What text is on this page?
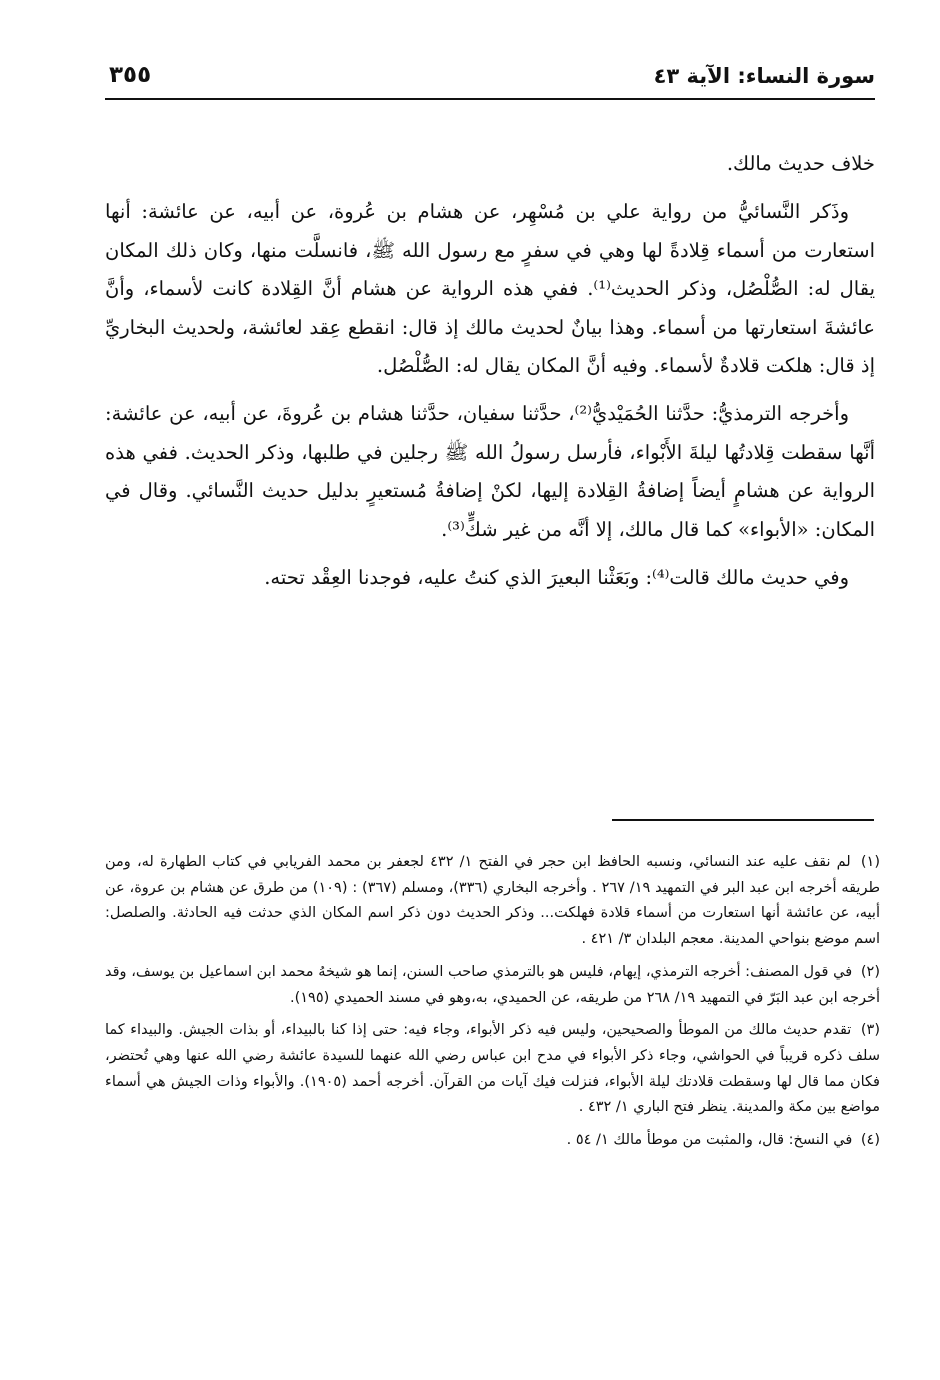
سورة النساء: الآية ٤٣
٣٥٥

خلاف حديث مالك.

وذَكر النَّسائيُّ من رواية علي بن مُسْهِر، عن هشام بن عُروة، عن أبيه، عن عائشة: أنها استعارت من أسماء قِلادةً لها وهي في سفرٍ مع رسول الله ﷺ، فانسلَّت منها، وكان ذلك المكان يقال له: الصُّلْصُل، وذكر الحديث⁽¹⁾. ففي هذه الرواية عن هشام أنَّ القِلادة كانت لأسماء، وأنَّ عائشةَ استعارتها من أسماء. وهذا بيانٌ لحديث مالك إذ قال: انقطع عِقد لعائشة، ولحديث البخاريِّ إذ قال: هلكت قلادةٌ لأسماء. وفيه أنَّ المكان يقال له: الصُّلْصُل.

وأخرجه الترمذيُّ: حدَّثنا الحُمَيْديُّ⁽²⁾، حدَّثنا سفيان، حدَّثنا هشام بن عُروةَ، عن أبيه، عن عائشة: أنَّها سقطت قِلادتُها ليلةَ الأَبْواء، فأرسل رسولُ الله ﷺ رجلين في طلبها، وذكر الحديث. ففي هذه الرواية عن هشامٍ أيضاً إضافةُ القِلادة إليها، لكنْ إضافةُ مُستعيرٍ بدليل حديث النَّسائي. وقال في المكان: «الأبواء» كما قال مالك، إلا أنَّه من غير شكٍّ⁽³⁾.

وفي حديث مالك قالت⁽⁴⁾: وبَعَثْنا البعيرَ الذي كنتُ عليه، فوجدنا العِقْد تحته.

(١) لم نقف عليه عند النسائي، ونسبه الحافظ ابن حجر في الفتح ١/ ٤٣٢ لجعفر بن محمد الفريابي في كتاب الطهارة له، ومن طريقه أخرجه ابن عبد البر في التمهيد ١٩/ ٢٦٧ . وأخرجه البخاري (٣٣٦)، ومسلم (٣٦٧) : (١٠٩) من طرق عن هشام بن عروة، عن أبيه، عن عائشة أنها استعارت من أسماء قلادة فهلكت... وذكر الحديث دون ذكر اسم المكان الذي حدثت فيه الحادثة. والصلصل: اسم موضع بنواحي المدينة. معجم البلدان ٣/ ٤٢١ .
(٢) في قول المصنف: أخرجه الترمذي، إيهام، فليس هو بالترمذي صاحب السنن، إنما هو شيخهُ محمد ابن اسماعيل بن يوسف، وقد أخرجه ابن عبد البَرّ في التمهيد ١٩/ ٢٦٨ من طريقه، عن الحميدي، به،وهو في مسند الحميدي (١٩٥).
(٣) تقدم حديث مالك من الموطأ والصحيحين، وليس فيه ذكر الأبواء، وجاء فيه: حتى إذا كنا بالبيداء، أو بذات الجيش. والبيداء كما سلف ذكره قريباً في الحواشي، وجاء ذكر الأبواء في مدح ابن عباس رضي الله عنهما للسيدة عائشة رضي الله عنها وهي تُحتضر، فكان مما قال لها وسقطت قلادتك ليلة الأبواء، فنزلت فيك آيات من القرآن. أخرجه أحمد (١٩٠٥). والأبواء وذات الجيش هي أسماء مواضع بين مكة والمدينة. ينظر فتح الباري ١/ ٤٣٢ .
(٤) في النسخ: قال، والمثبت من موطأ مالك ١/ ٥٤ .
